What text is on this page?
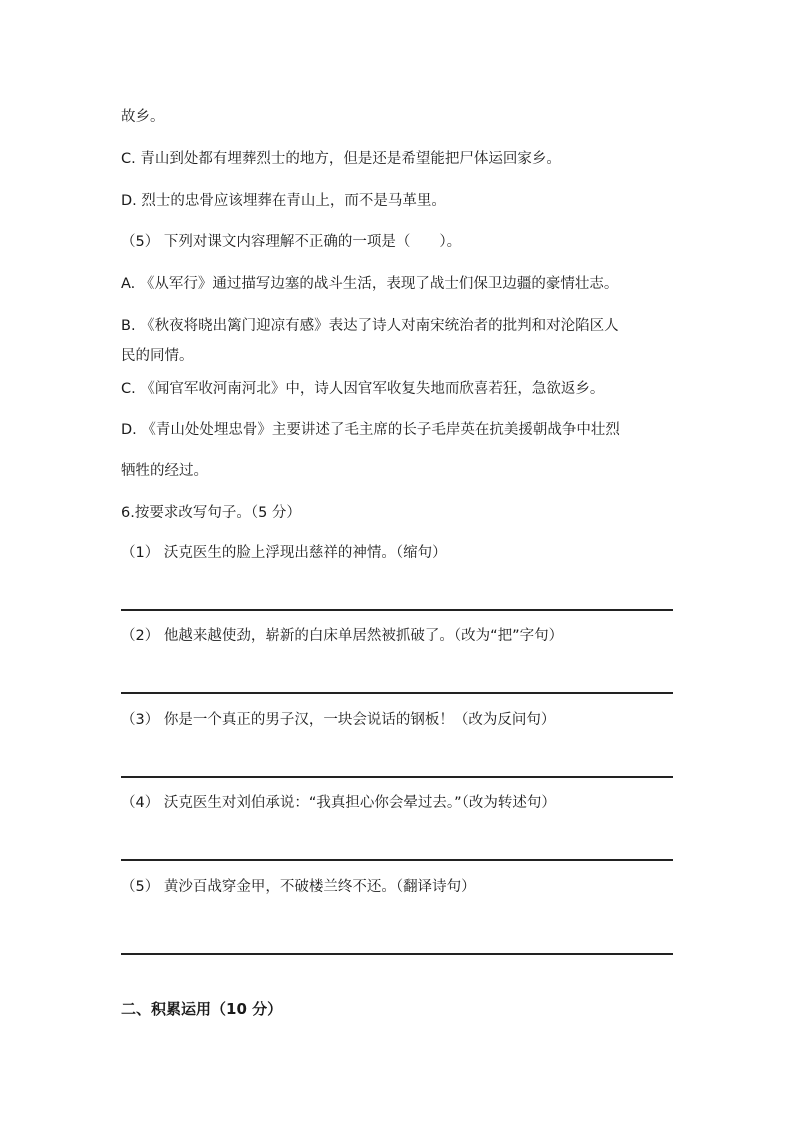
故乡。
C. 青山到处都有埋葬烈士的地方，但是还是希望能把尸体运回家乡。
D. 烈士的忠骨应该埋葬在青山上，而不是马革里。
（5） 下列对课文内容理解不正确的一项是（　　）。
A. 《从军行》通过描写边塞的战斗生活，表现了战士们保卫边疆的豪情壮志。
B. 《秋夜将晓出篱门迎凉有感》表达了诗人对南宋统治者的批判和对沦陷区人
民的同情。
C. 《闻官军收河南河北》中，诗人因官军收复失地而欣喜若狂，急欲返乡。
D. 《青山处处埋忠骨》主要讲述了毛主席的长子毛岸英在抗美援朝战争中壮烈
牺牲的经过。
6.按要求改写句子。（5 分）
（1） 沃克医生的脸上浮现出慈祥的神情。（缩句）
（2） 他越来越使劲，崭新的白床单居然被抓破了。（改为“把”字句）
（3） 你是一个真正的男子汉，一块会说话的钢板！（改为反问句）
（4） 沃克医生对刘伯承说：“我真担心你会晕过去。”（改为转述句）
（5） 黄沙百战穿金甲，不破楼兰终不还。（翻译诗句）
二、积累运用（10 分）
